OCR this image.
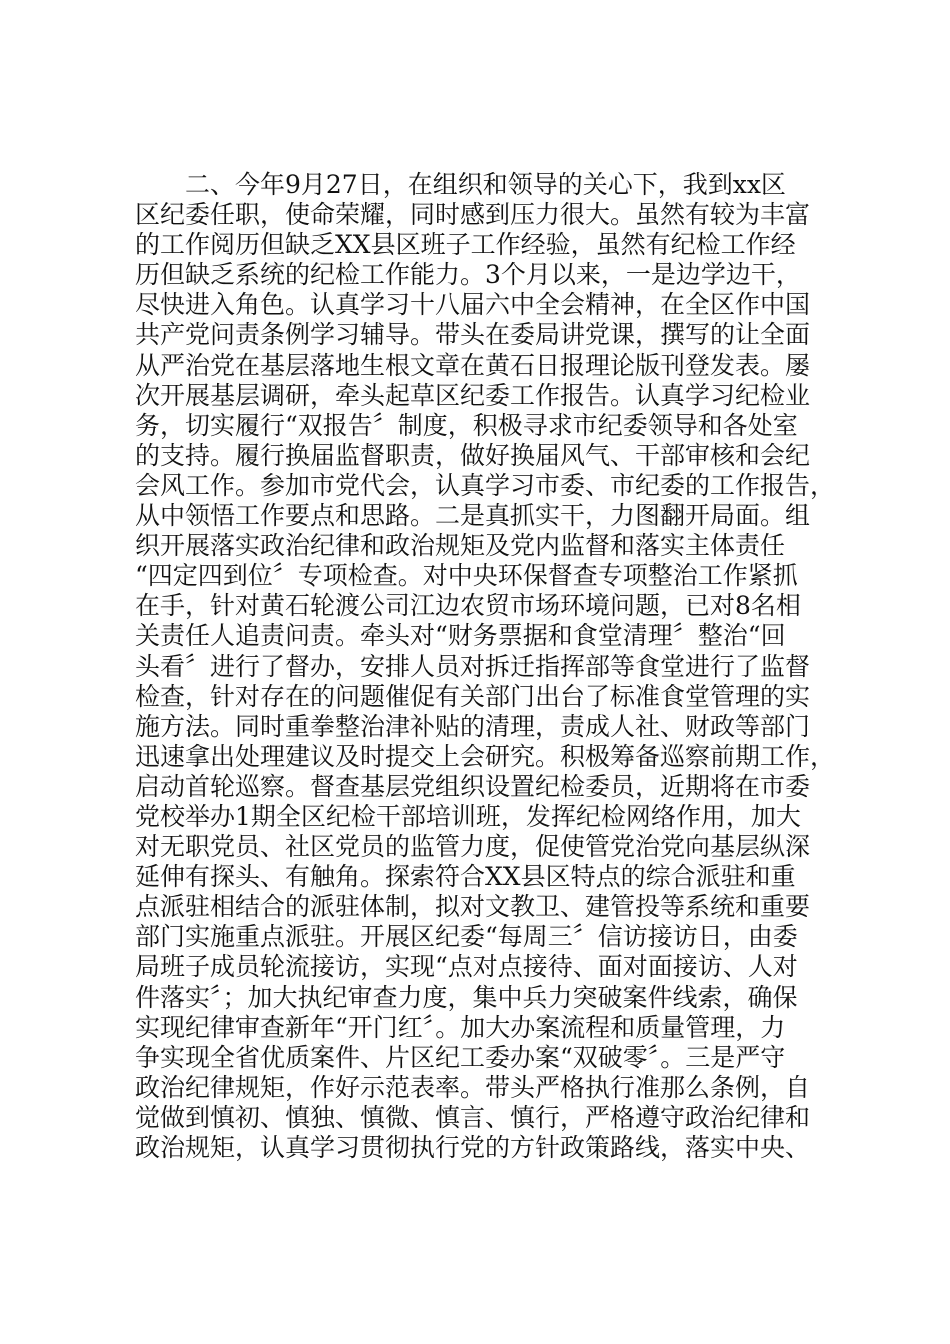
二、今年9月27日，在组织和领导的关心下，我到xx区
区纪委任职，使命荣耀，同时感到压力很大。虽然有较为丰富
的工作阅历但缺乏XX县区班子工作经验，虽然有纪检工作经
历但缺乏系统的纪检工作能力。3个月以来，一是边学边干，
尽快进入角色。认真学习十八届六中全会精神，在全区作中国
共产党问责条例学习辅导。带头在委局讲党课，撰写的让全面
从严治党在基层落地生根文章在黄石日报理论版刊登发表。屡
次开展基层调研，牵头起草区纪委工作报告。认真学习纪检业
务，切实履行“双报告〞制度，积极寻求市纪委领导和各处室
的支持。履行换届监督职责，做好换届风气、干部审核和会纪
会风工作。参加市党代会，认真学习市委、市纪委的工作报告，
从中领悟工作要点和思路。二是真抓实干，力图翻开局面。组
织开展落实政治纪律和政治规矩及党内监督和落实主体责任
“四定四到位〞专项检查。对中央环保督查专项整治工作紧抓
在手，针对黄石轮渡公司江边农贸市场环境问题，已对8名相
关责任人追责问责。牵头对“财务票据和食堂清理〞整治“回
头看〞进行了督办，安排人员对拆迁指挥部等食堂进行了监督
检查，针对存在的问题催促有关部门出台了标准食堂管理的实
施方法。同时重拳整治津补贴的清理，责成人社、财政等部门
迅速拿出处理建议及时提交上会研究。积极筹备巡察前期工作，
启动首轮巡察。督查基层党组织设置纪检委员，近期将在市委
党校举办1期全区纪检干部培训班，发挥纪检网络作用，加大
对无职党员、社区党员的监管力度，促使管党治党向基层纵深
延伸有探头、有触角。探索符合XX县区特点的综合派驻和重
点派驻相结合的派驻体制，拟对文教卫、建管投等系统和重要
部门实施重点派驻。开展区纪委“每周三〞信访接访日，由委
局班子成员轮流接访，实现“点对点接待、面对面接访、人对
件落实〞；加大执纪审查力度，集中兵力突破案件线索，确保
实现纪律审查新年“开门红〞。加大办案流程和质量管理，力
争实现全省优质案件、片区纪工委办案“双破零〞。三是严守
政治纪律规矩，作好示范表率。带头严格执行准那么条例，自
觉做到慎初、慎独、慎微、慎言、慎行，严格遵守政治纪律和
政治规矩，认真学习贯彻执行党的方针政策路线，落实中央、
